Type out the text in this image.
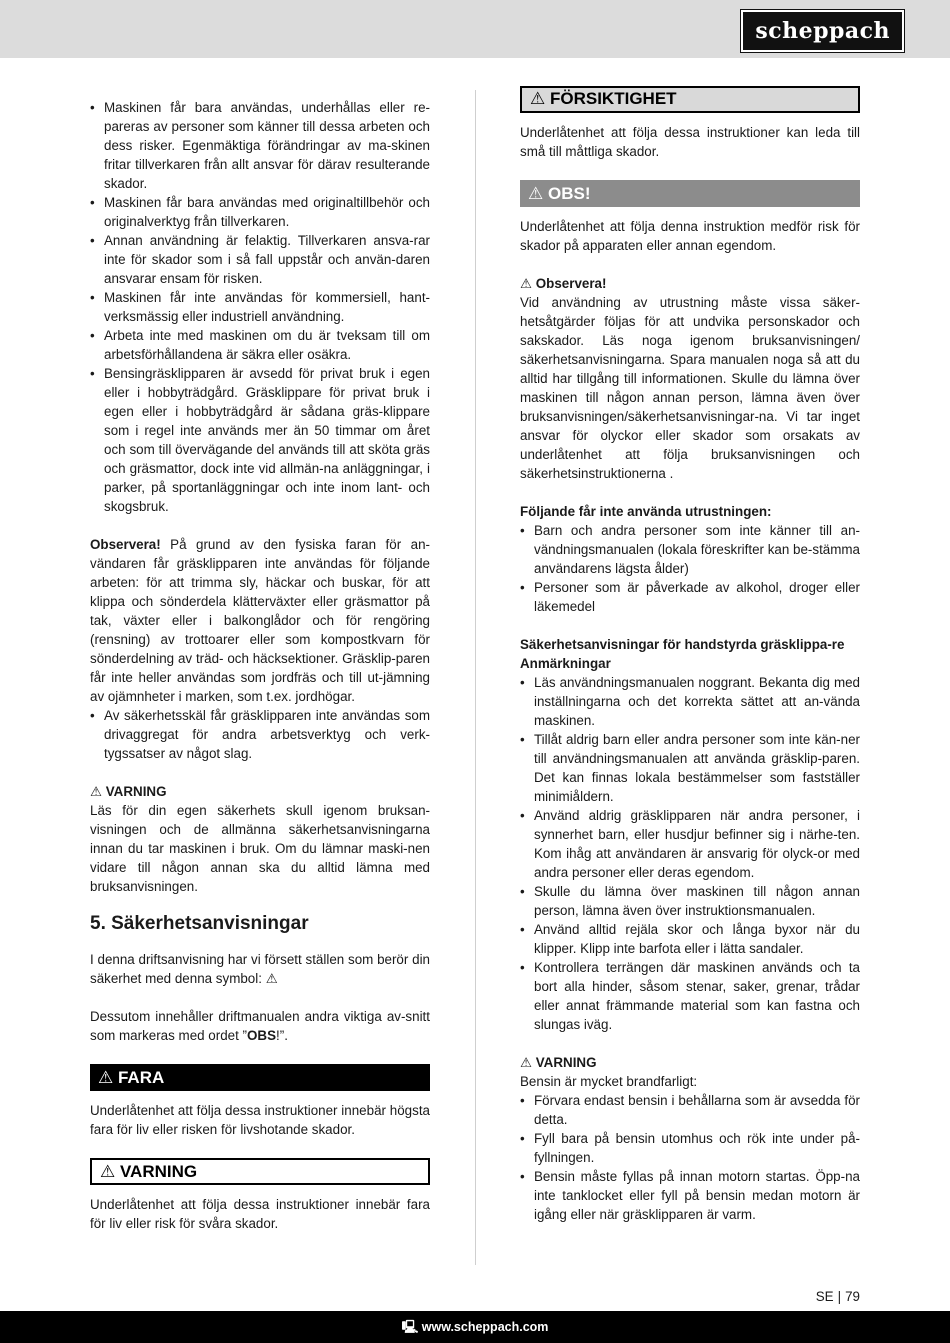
scheppach
• Maskinen får bara användas, underhållas eller re-pareras av personer som känner till dessa arbeten och dess risker. Egenmäktiga förändringar av ma-skinen fritar tillverkaren från allt ansvar för därav resulterande skador.
• Maskinen får bara användas med originaltillbehör och originalverktyg från tillverkaren.
• Annan användning är felaktig. Tillverkaren ansva-rar inte för skador som i så fall uppstår och använ-daren ansvarar ensam för risken.
• Maskinen får inte användas för kommersiell, hant-verksmässig eller industriell användning.
• Arbeta inte med maskinen om du är tveksam till om arbetsförhållandena är säkra eller osäkra.
• Bensingräsklipparen är avsedd för privat bruk i egen eller i hobbyträdgård. Gräsklippare för privat bruk i egen eller i hobbyträdgård är sådana gräs-klippare som i regel inte används mer än 50 timmar om året och som till övervägande del används till att sköta gräs och gräsmattor, dock inte vid allmän-na anläggningar, i parker, på sportanläggningar och inte inom lant- och skogsbruk.

Observera! På grund av den fysiska faran för an-vändaren får gräsklipparen inte användas för följande arbeten: för att trimma sly, häckar och buskar, för att klippa och sönderdela klätterväxter eller gräsmattor på tak, växter eller i balkonglådor och för rengöring (rensning) av trottoarer eller som kompostkvarn för sönderdelning av träd- och häcksektioner. Gräsklip-paren får inte heller användas som jordfräs och till ut-jämning av ojämnheter i marken, som t.ex. jordhögar.

• Av säkerhetsskäl får gräsklipparen inte användas som drivaggregat för andra arbetsverktyg och verk-tygssatser av något slag.

⚠ VARNING

Läs för din egen säkerhets skull igenom bruksan-visningen och de allmänna säkerhetsanvisningarna innan du tar maskinen i bruk. Om du lämnar maski-nen vidare till någon annan ska du alltid lämna med bruksanvisningen.

5. Säkerhetsanvisningar

I denna driftsanvisning har vi försett ställen som berör din säkerhet med denna symbol: ⚠

Dessutom innehåller driftmanualen andra viktiga av-snitt som markeras med ordet ”OBS!”.

⚠ FARA

Underlåtenhet att följa dessa instruktioner innebär högsta fara för liv eller risken för livshotande skador.

⚠ VARNING

Underlåtenhet att följa dessa instruktioner innebär fara för liv eller risk för svåra skador.

⚠ FÖRSIKTIGHET

Underlåtenhet att följa dessa instruktioner kan leda till små till måttliga skador.

⚠ OBS!

Underlåtenhet att följa denna instruktion medför risk för skador på apparaten eller annan egendom.

⚠ Observera!

Vid användning av utrustning måste vissa säker-hetsåtgärder följas för att undvika personskador och sakskador. Läs noga igenom bruksanvisningen/ säkerhetsanvisningarna. Spara manualen noga så att du alltid har tillgång till informationen. Skulle du lämna över maskinen till någon annan person, lämna även över bruksanvisningen/säkerhetsanvisningar-na. Vi tar inget ansvar för olyckor eller skador som orsakats av underlåtenhet att följa bruksanvisningen och säkerhetsinstruktionerna .

Följande får inte använda utrustningen:

• Barn och andra personer som inte känner till an-vändningsmanualen (lokala föreskrifter kan be-stämma användarens lägsta ålder)
• Personer som är påverkade av alkohol, droger eller läkemedel

Säkerhetsanvisningar för handstyrda gräsklippa-re

Anmärkningar

• Läs användningsmanualen noggrant. Bekanta dig med inställningarna och det korrekta sättet att an-vända maskinen.
• Tillåt aldrig barn eller andra personer som inte kän-ner till användningsmanualen att använda gräsklip-paren. Det kan finnas lokala bestämmelser som fastställer minimiåldern.
• Använd aldrig gräsklipparen när andra personer, i synnerhet barn, eller husdjur befinner sig i närhe-ten. Kom ihåg att användaren är ansvarig för olyck-or med andra personer eller deras egendom.
• Skulle du lämna över maskinen till någon annan person, lämna även över instruktionsmanualen.
• Använd alltid rejäla skor och långa byxor när du klipper. Klipp inte barfota eller i lätta sandaler.
• Kontrollera terrängen där maskinen används och ta bort alla hinder, såsom stenar, saker, grenar, trådar eller annat främmande material som kan fastna och slungas iväg.

⚠ VARNING

Bensin är mycket brandfarligt:

• Förvara endast bensin i behållarna som är avsedda för detta.
• Fyll bara på bensin utomhus och rök inte under på-fyllningen.
• Bensin måste fyllas på innan motorn startas. Öpp-na inte tanklocket eller fyll på bensin medan motorn är igång eller när gräsklipparen är varm.
SE | 79
🖳 www.scheppach.com
